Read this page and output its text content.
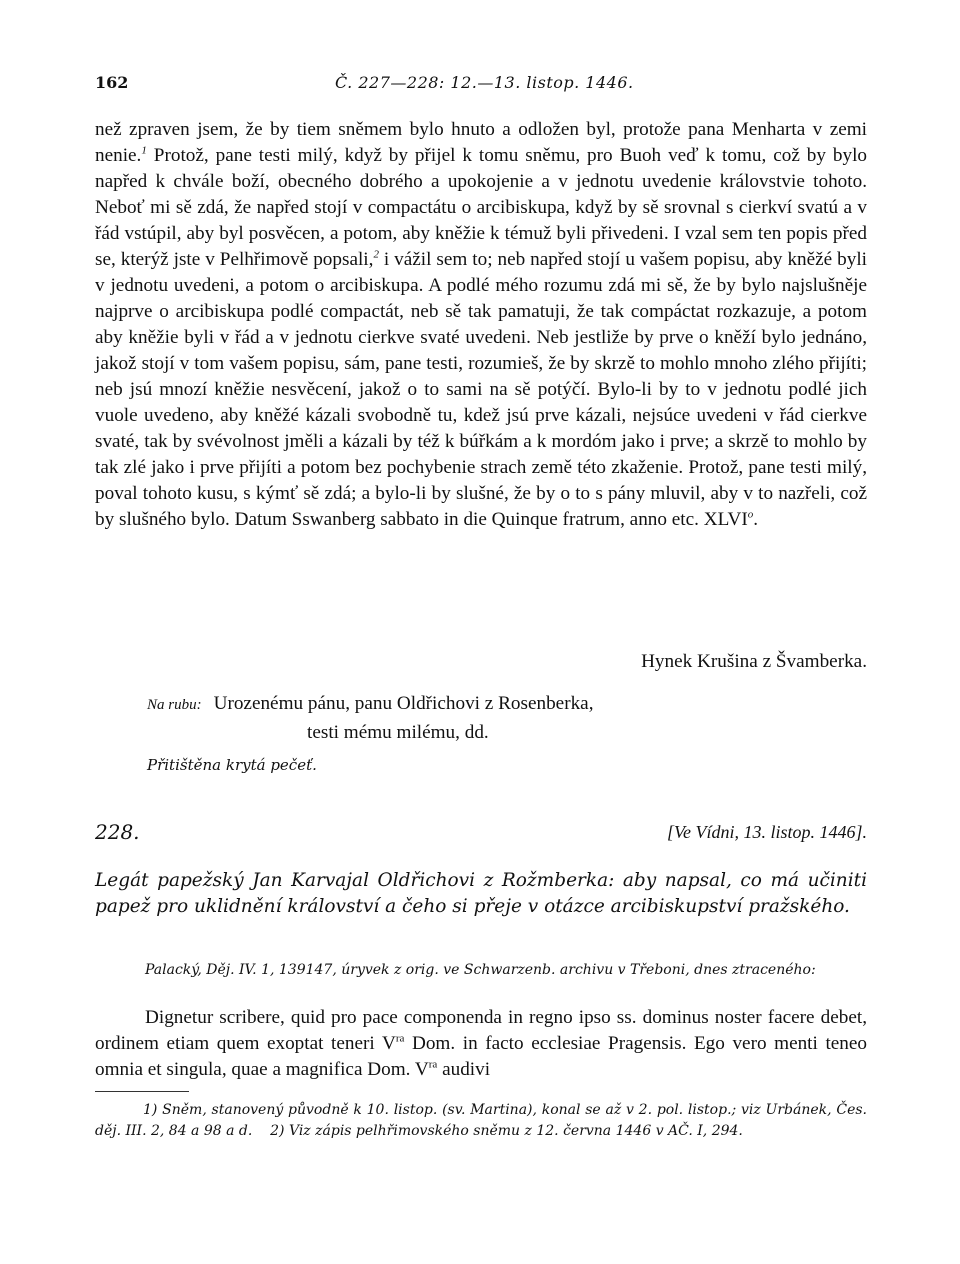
162	Č. 227—228: 12.—13. listop. 1446.

než zpraven jsem, že by tiem sněmem bylo hnuto a odložen byl, protože pana Menharta v zemi nenie.$^1$ Protož, pane testi milý, když by přijel k tomu sněmu, pro Buoh veď k tomu, což by bylo napřed k chvále boží, obecného dobrého a upokojenie a v jednotu uvedenie královstvie tohoto. Neboť mi sě zdá, že napřed stojí v compactátu o arcibiskupa, když by sě srovnal s cierkví svatú a v řád vstúpil, aby byl posvěcen, a potom, aby kněžie k témuž byli přivedeni. I vzal sem ten popis před se, kterýž jste v Pelhřimově popsali,$^2$ i vážil sem to; neb napřed stojí u vašem popisu, aby kněžé byli v jednotu uvedeni, a potom o arcibiskupa. A podlé mého rozumu zdá mi sě, že by bylo najslušněje najprve o arcibiskupa podlé compactát, neb sě tak pamatuji, že tak compáctat rozkazuje, a potom aby kněžie byli v řád a v jednotu cierkve svaté uvedeni. Neb jestliže by prve o kněží bylo jednáno, jakož stojí v tom vašem popisu, sám, pane testi, rozumieš, že by skrzě to mohlo mnoho zlého přijíti; neb jsú mnozí kněžie nesvěcení, jakož o to sami na sě potýčí. Bylo-li by to v jednotu podlé jich vuole uvedeno, aby kněžé kázali svobodně tu, kdež jsú prve kázali, nejsúce uvedeni v řád cierkve svaté, tak by svévolnost jměli a kázali by též k búřkám a k mordóm jako i prve; a skrzě to mohlo by tak zlé jako i prve přijíti a potom bez pochybenie strach země této zkaženie. Protož, pane testi milý, poval tohoto kusu, s kýmť sě zdá; a bylo-li by slušné, že by o to s pány mluvil, aby v to nazřeli, což by slušného bylo. Datum Sswanberg sabbato in die Quinque fratrum, anno etc. XLVI$^o$.

Hynek Krušina z Švamberka.
Na rubu: Urozenému pánu, panu Oldřichovi z Rosenberka,
testi mému milému, dd.
Přitištěna krytá pečeť.
228.	[Ve Vídni, 13. listop. 1446].
Legát papežský Jan Karvajal Oldřichovi z Rožmberka: aby napsal, co má učiniti papež pro uklidnění království a čeho si přeje v otázce arcibiskupství pražského.
Palacký, Děj. IV. 1, 139147, úryvek z orig. ve Schwarzenb. archivu v Třeboni, dnes ztraceného:

Dignetur scribere, quid pro pace componenda in regno ipso ss. dominus noster facere debet, ordinem etiam quem exoptat teneri $V^{ra}$ Dom. in facto ecclesiae Pragensis. Ego vero menti teneo omnia et singula, quae a magnifica Dom. $V^{ra}$ audivi

1) Sněm, stanovený původně k 10. listop. (sv. Martina), konal se až v 2. pol. listop.; viz Urbánek, Čes. děj. III. 2, 84 a 98 a d. 2) Viz zápis pelhřimovského sněmu z 12. června 1446 v AČ. I, 294.
